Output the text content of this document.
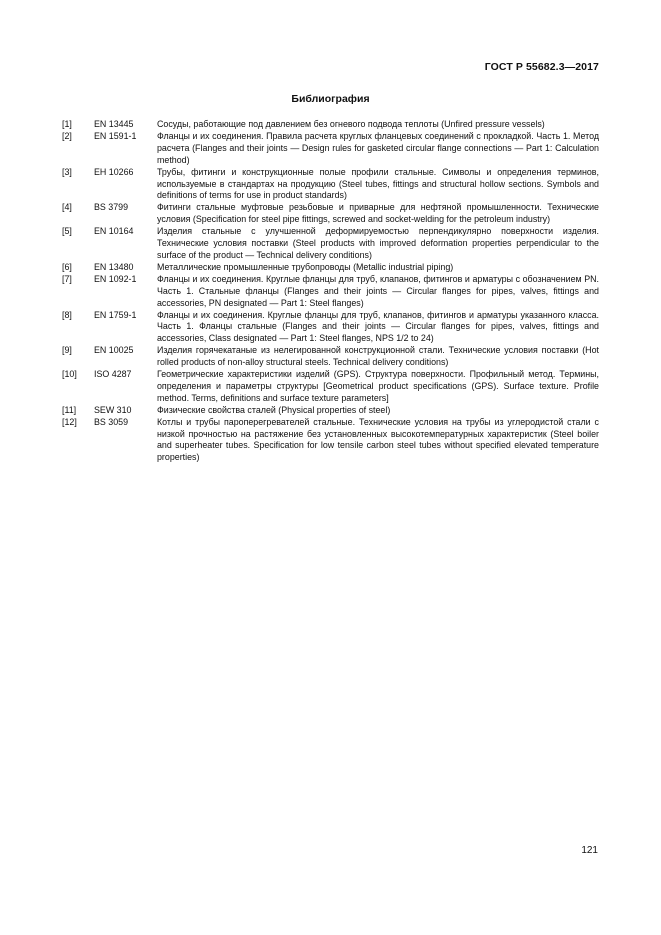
ГОСТ Р 55682.3—2017
Библиография
[1]	EN 13445	Сосуды, работающие под давлением без огневого подвода теплоты (Unfired pressure vessels)
[2]	EN 1591-1	Фланцы и их соединения. Правила расчета круглых фланцевых соединений с прокладкой. Часть 1. Метод расчета (Flanges and their joints — Design rules for gasketed circular flange connections — Part 1: Calculation method)
[3]	EH 10266	Трубы, фитинги и конструкционные полые профили стальные. Символы и определения терминов, используемые в стандартах на продукцию (Steel tubes, fittings and structural hollow sections. Symbols and definitions of terms for use in product standards)
[4]	BS 3799	Фитинги стальные муфтовые резьбовые и приварные для нефтяной промышленности. Технические условия (Specification for steel pipe fittings, screwed and socket-welding for the petroleum industry)
[5]	EN 10164	Изделия стальные с улучшенной деформируемостью перпендикулярно поверхности изделия. Технические условия поставки (Steel products with improved deformation properties perpendicular to the surface of the product — Technical delivery conditions)
[6]	EN 13480	Металлические промышленные трубопроводы (Metallic industrial piping)
[7]	EN 1092-1	Фланцы и их соединения. Круглые фланцы для труб, клапанов, фитингов и арматуры с обозначением PN. Часть 1. Стальные фланцы (Flanges and their joints — Circular flanges for pipes, valves, fittings and accessories, PN designated — Part 1: Steel flanges)
[8]	EN 1759-1	Фланцы и их соединения. Круглые фланцы для труб, клапанов, фитингов и арматуры указанного класса. Часть 1. Фланцы стальные (Flanges and their joints — Circular flanges for pipes, valves, fittings and accessories, Class designated — Part 1: Steel flanges, NPS 1/2 to 24)
[9]	EN 10025	Изделия горячекатаные из нелегированной конструкционной стали. Технические условия поставки (Hot rolled products of non-alloy structural steels. Technical delivery conditions)
[10]	ISO 4287	Геометрические характеристики изделий (GPS). Структура поверхности. Профильный метод. Термины, определения и параметры структуры [Geometrical product specifications (GPS). Surface texture. Profile method. Terms, definitions and surface texture parameters]
[11]	SEW 310	Физические свойства сталей (Physical properties of steel)
[12]	BS 3059	Котлы и трубы пароперегревателей стальные. Технические условия на трубы из углеродистой стали с низкой прочностью на растяжение без установленных высокотемпературных характеристик (Steel boiler and superheater tubes. Specification for low tensile carbon steel tubes without specified elevated temperature properties)
121
